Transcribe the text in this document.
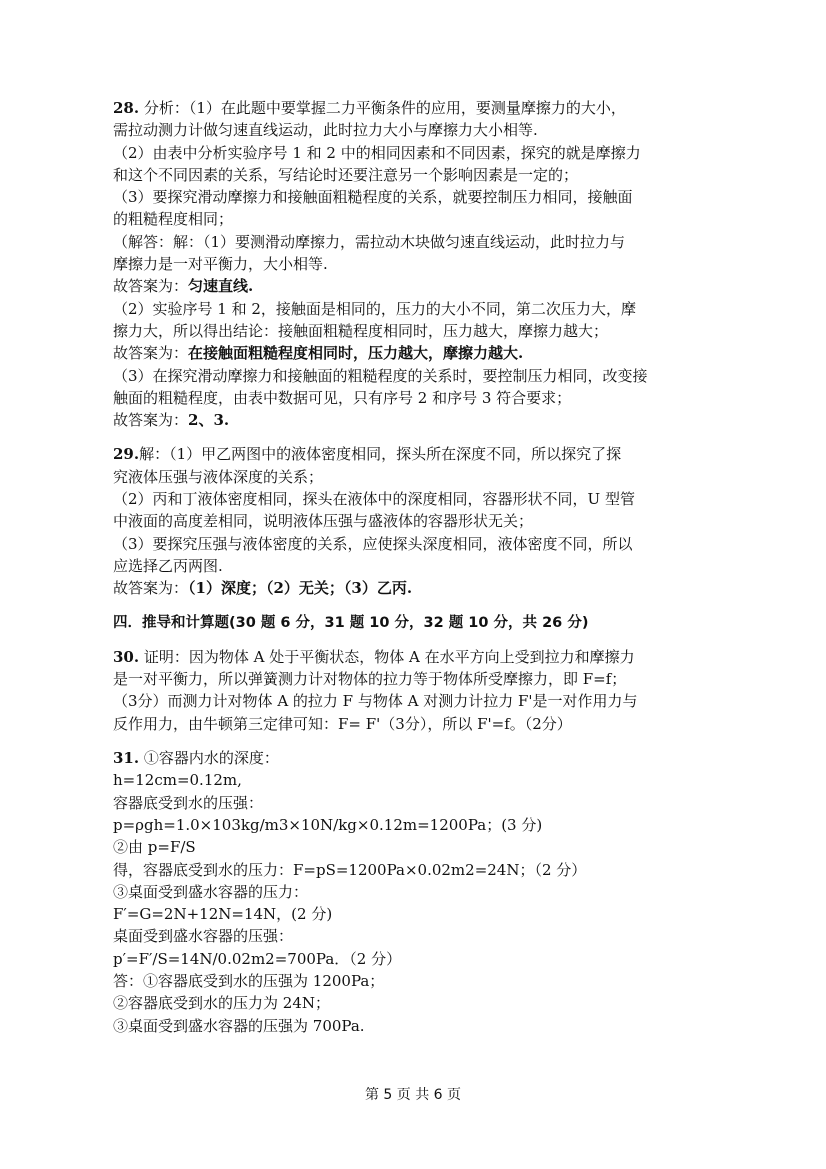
28. 分析：（1）在此题中要掌握二力平衡条件的应用，要测量摩擦力的大小，
需拉动测力计做匀速直线运动，此时拉力大小与摩擦力大小相等.
（2）由表中分析实验序号 1 和 2 中的相同因素和不同因素，探究的就是摩擦力
和这个不同因素的关系，写结论时还要注意另一个影响因素是一定的；
（3）要探究滑动摩擦力和接触面粗糙程度的关系，就要控制压力相同，接触面
的粗糙程度相同；
（解答：解：（1）要测滑动摩擦力，需拉动木块做匀速直线运动，此时拉力与
摩擦力是一对平衡力，大小相等.
故答案为：匀速直线.
（2）实验序号 1 和 2，接触面是相同的，压力的大小不同，第二次压力大，摩
擦力大，所以得出结论：接触面粗糙程度相同时，压力越大，摩擦力越大；
故答案为：在接触面粗糙程度相同时，压力越大，摩擦力越大.
（3）在探究滑动摩擦力和接触面的粗糙程度的关系时，要控制压力相同，改变接
触面的粗糙程度，由表中数据可见，只有序号 2 和序号 3 符合要求；
故答案为：2、3.
29.解：（1）甲乙两图中的液体密度相同，探头所在深度不同，所以探究了探
究液体压强与液体深度的关系；
（2）丙和丁液体密度相同，探头在液体中的深度相同，容器形状不同，U 型管
中液面的高度差相同，说明液体压强与盛液体的容器形状无关；
（3）要探究压强与液体密度的关系，应使探头深度相同，液体密度不同，所以
应选择乙丙两图.
故答案为：（1）深度；（2）无关；（3）乙丙.
四．推导和计算题(30 题 6 分，31 题 10 分，32 题 10 分，共 26 分)
30. 证明：因为物体 A 处于平衡状态，物体 A 在水平方向上受到拉力和摩擦力
是一对平衡力，所以弹簧测力计对物体的拉力等于物体所受摩擦力，即 F=f；
（3分）而测力计对物体 A 的拉力 F 与物体 A 对测力计拉力 F'是一对作用力与
反作用力，由牛顿第三定律可知：F= F'（3分），所以 F'=f。（2分）
31. ①容器内水的深度：
h=12cm=0.12m,
容器底受到水的压强：
p=ρgh=1.0×103kg/m3×10N/kg×0.12m=1200Pa；(3 分)
②由 p=F/S
得，容器底受到水的压力：F=pS=1200Pa×0.02m2=24N；（2 分）
③桌面受到盛水容器的压力：
F′=G=2N+12N=14N，(2 分)
桌面受到盛水容器的压强：
p′=F′/S=14N/0.02m2=700Pa．（2 分）
答：①容器底受到水的压强为 1200Pa；
②容器底受到水的压力为 24N；
③桌面受到盛水容器的压强为 700Pa.
第 5 页 共 6 页
